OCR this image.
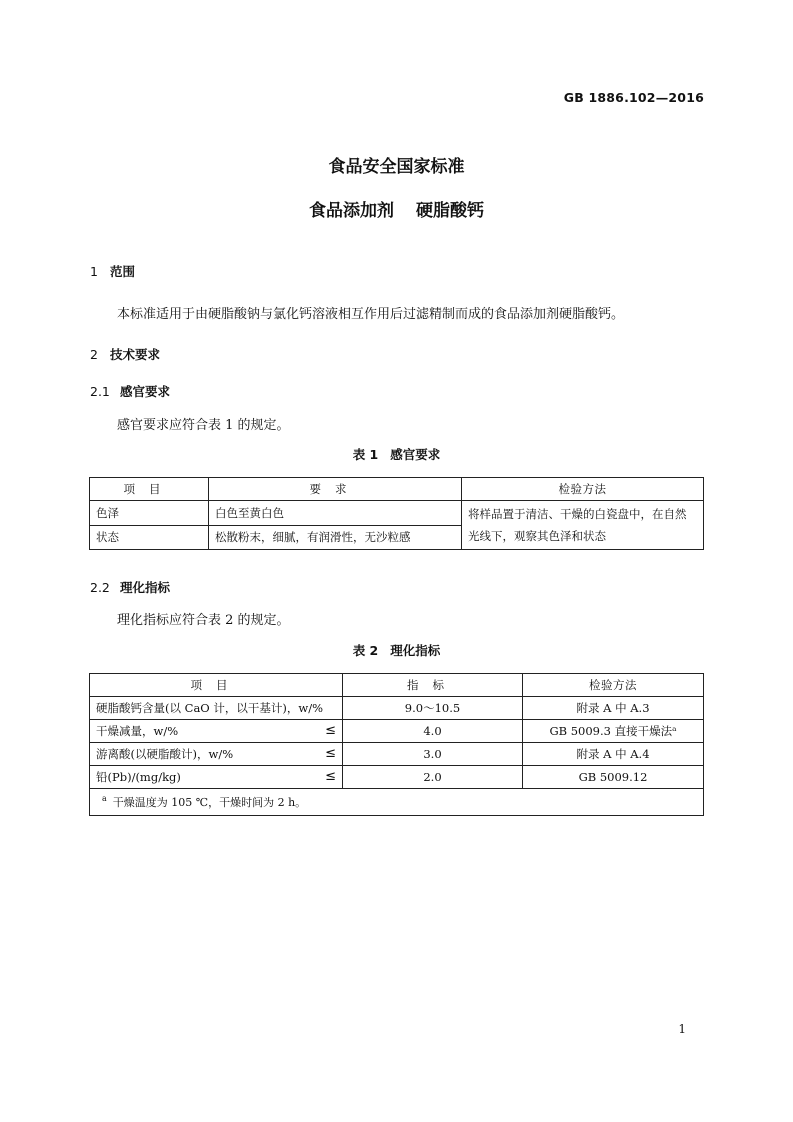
GB 1886.102—2016
食品安全国家标准
食品添加剂 硬脂酸钙
1 范围
本标准适用于由硬脂酸钠与氯化钙溶液相互作用后过滤精制而成的食品添加剂硬脂酸钙。
2 技术要求
2.1 感官要求
感官要求应符合表 1 的规定。
表 1 感官要求
项目	要求	检验方法
色泽	白色至黄白色	将样品置于清洁、干燥的白瓷盘中，在自然光线下，观察其色泽和状态
状态	松散粉末，细腻，有润滑性，无沙粒感	
2.2 理化指标
理化指标应符合表 2 的规定。
表 2 理化指标
项目	指标	检验方法
硬脂酸钙含量(以 CaO 计，以干基计)，w/%	9.0～10.5	附录 A 中 A.3
干燥减量，w/% ≤	4.0	GB 5009.3 直接干燥法ᵃ
游离酸(以硬脂酸计)，w/% ≤	3.0	附录 A 中 A.4
铅(Pb)/(mg/kg) ≤	2.0	GB 5009.12
$^a$ 干燥温度为 105 ℃，干燥时间为 2 h。		
1
